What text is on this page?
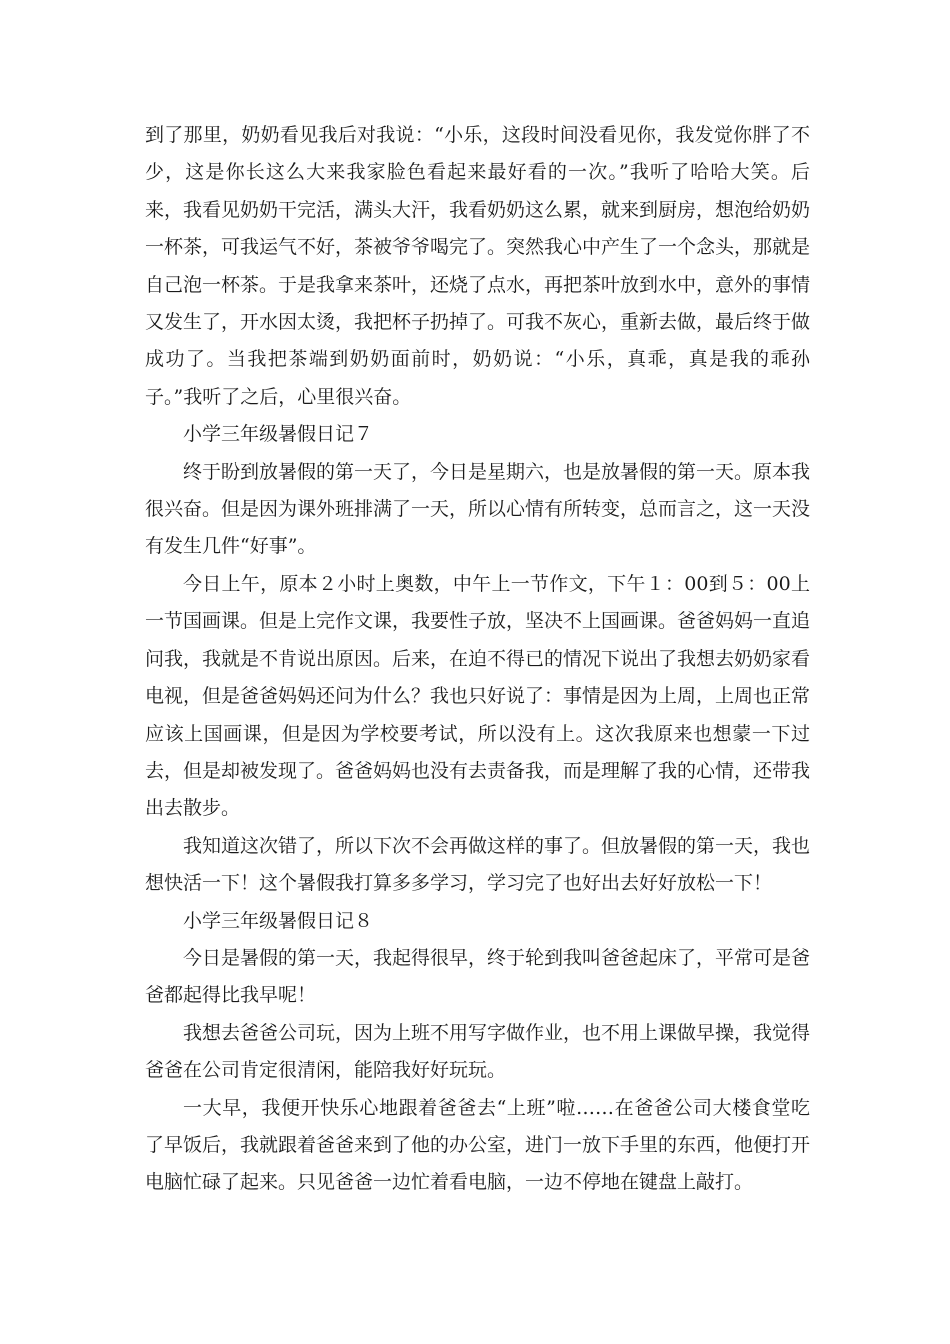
到了那里，奶奶看见我后对我说：“小乐，这段时间没看见你，我发觉你胖了不少，这是你长这么大来我家脸色看起来最好看的一次。”我听了哈哈大笑。后来，我看见奶奶干完活，满头大汗，我看奶奶这么累，就来到厨房，想泡给奶奶一杯茶，可我运气不好，茶被爷爷喝完了。突然我心中产生了一个念头，那就是自己泡一杯茶。于是我拿来茶叶，还烧了点水，再把茶叶放到水中，意外的事情又发生了，开水因太烫，我把杯子扔掉了。可我不灰心，重新去做，最后终于做成功了。当我把茶端到奶奶面前时，奶奶说：“小乐，真乖，真是我的乖孙子。”我听了之后，心里很兴奋。

小学三年级暑假日记７

终于盼到放暑假的第一天了，今日是星期六，也是放暑假的第一天。原本我很兴奋。但是因为课外班排满了一天，所以心情有所转变，总而言之，这一天没有发生几件“好事”。

今日上午，原本２小时上奥数，中午上一节作文，下午１：00到５：00上一节国画课。但是上完作文课，我要性子放，坚决不上国画课。爸爸妈妈一直追问我，我就是不肯说出原因。后来，在迫不得已的情况下说出了我想去奶奶家看电视，但是爸爸妈妈还问为什么？我也只好说了：事情是因为上周，上周也正常应该上国画课，但是因为学校要考试，所以没有上。这次我原来也想蒙一下过去，但是却被发现了。爸爸妈妈也没有去责备我，而是理解了我的心情，还带我出去散步。

我知道这次错了，所以下次不会再做这样的事了。但放暑假的第一天，我也想快活一下！这个暑假我打算多多学习，学习完了也好出去好好放松一下！

小学三年级暑假日记８

今日是暑假的第一天，我起得很早，终于轮到我叫爸爸起床了，平常可是爸爸都起得比我早呢！

我想去爸爸公司玩，因为上班不用写字做作业，也不用上课做早操，我觉得爸爸在公司肯定很清闲，能陪我好好玩玩。

一大早，我便开快乐心地跟着爸爸去“上班”啦……在爸爸公司大楼食堂吃了早饭后，我就跟着爸爸来到了他的办公室，进门一放下手里的东西，他便打开电脑忙碌了起来。只见爸爸一边忙着看电脑，一边不停地在键盘上敲打。
